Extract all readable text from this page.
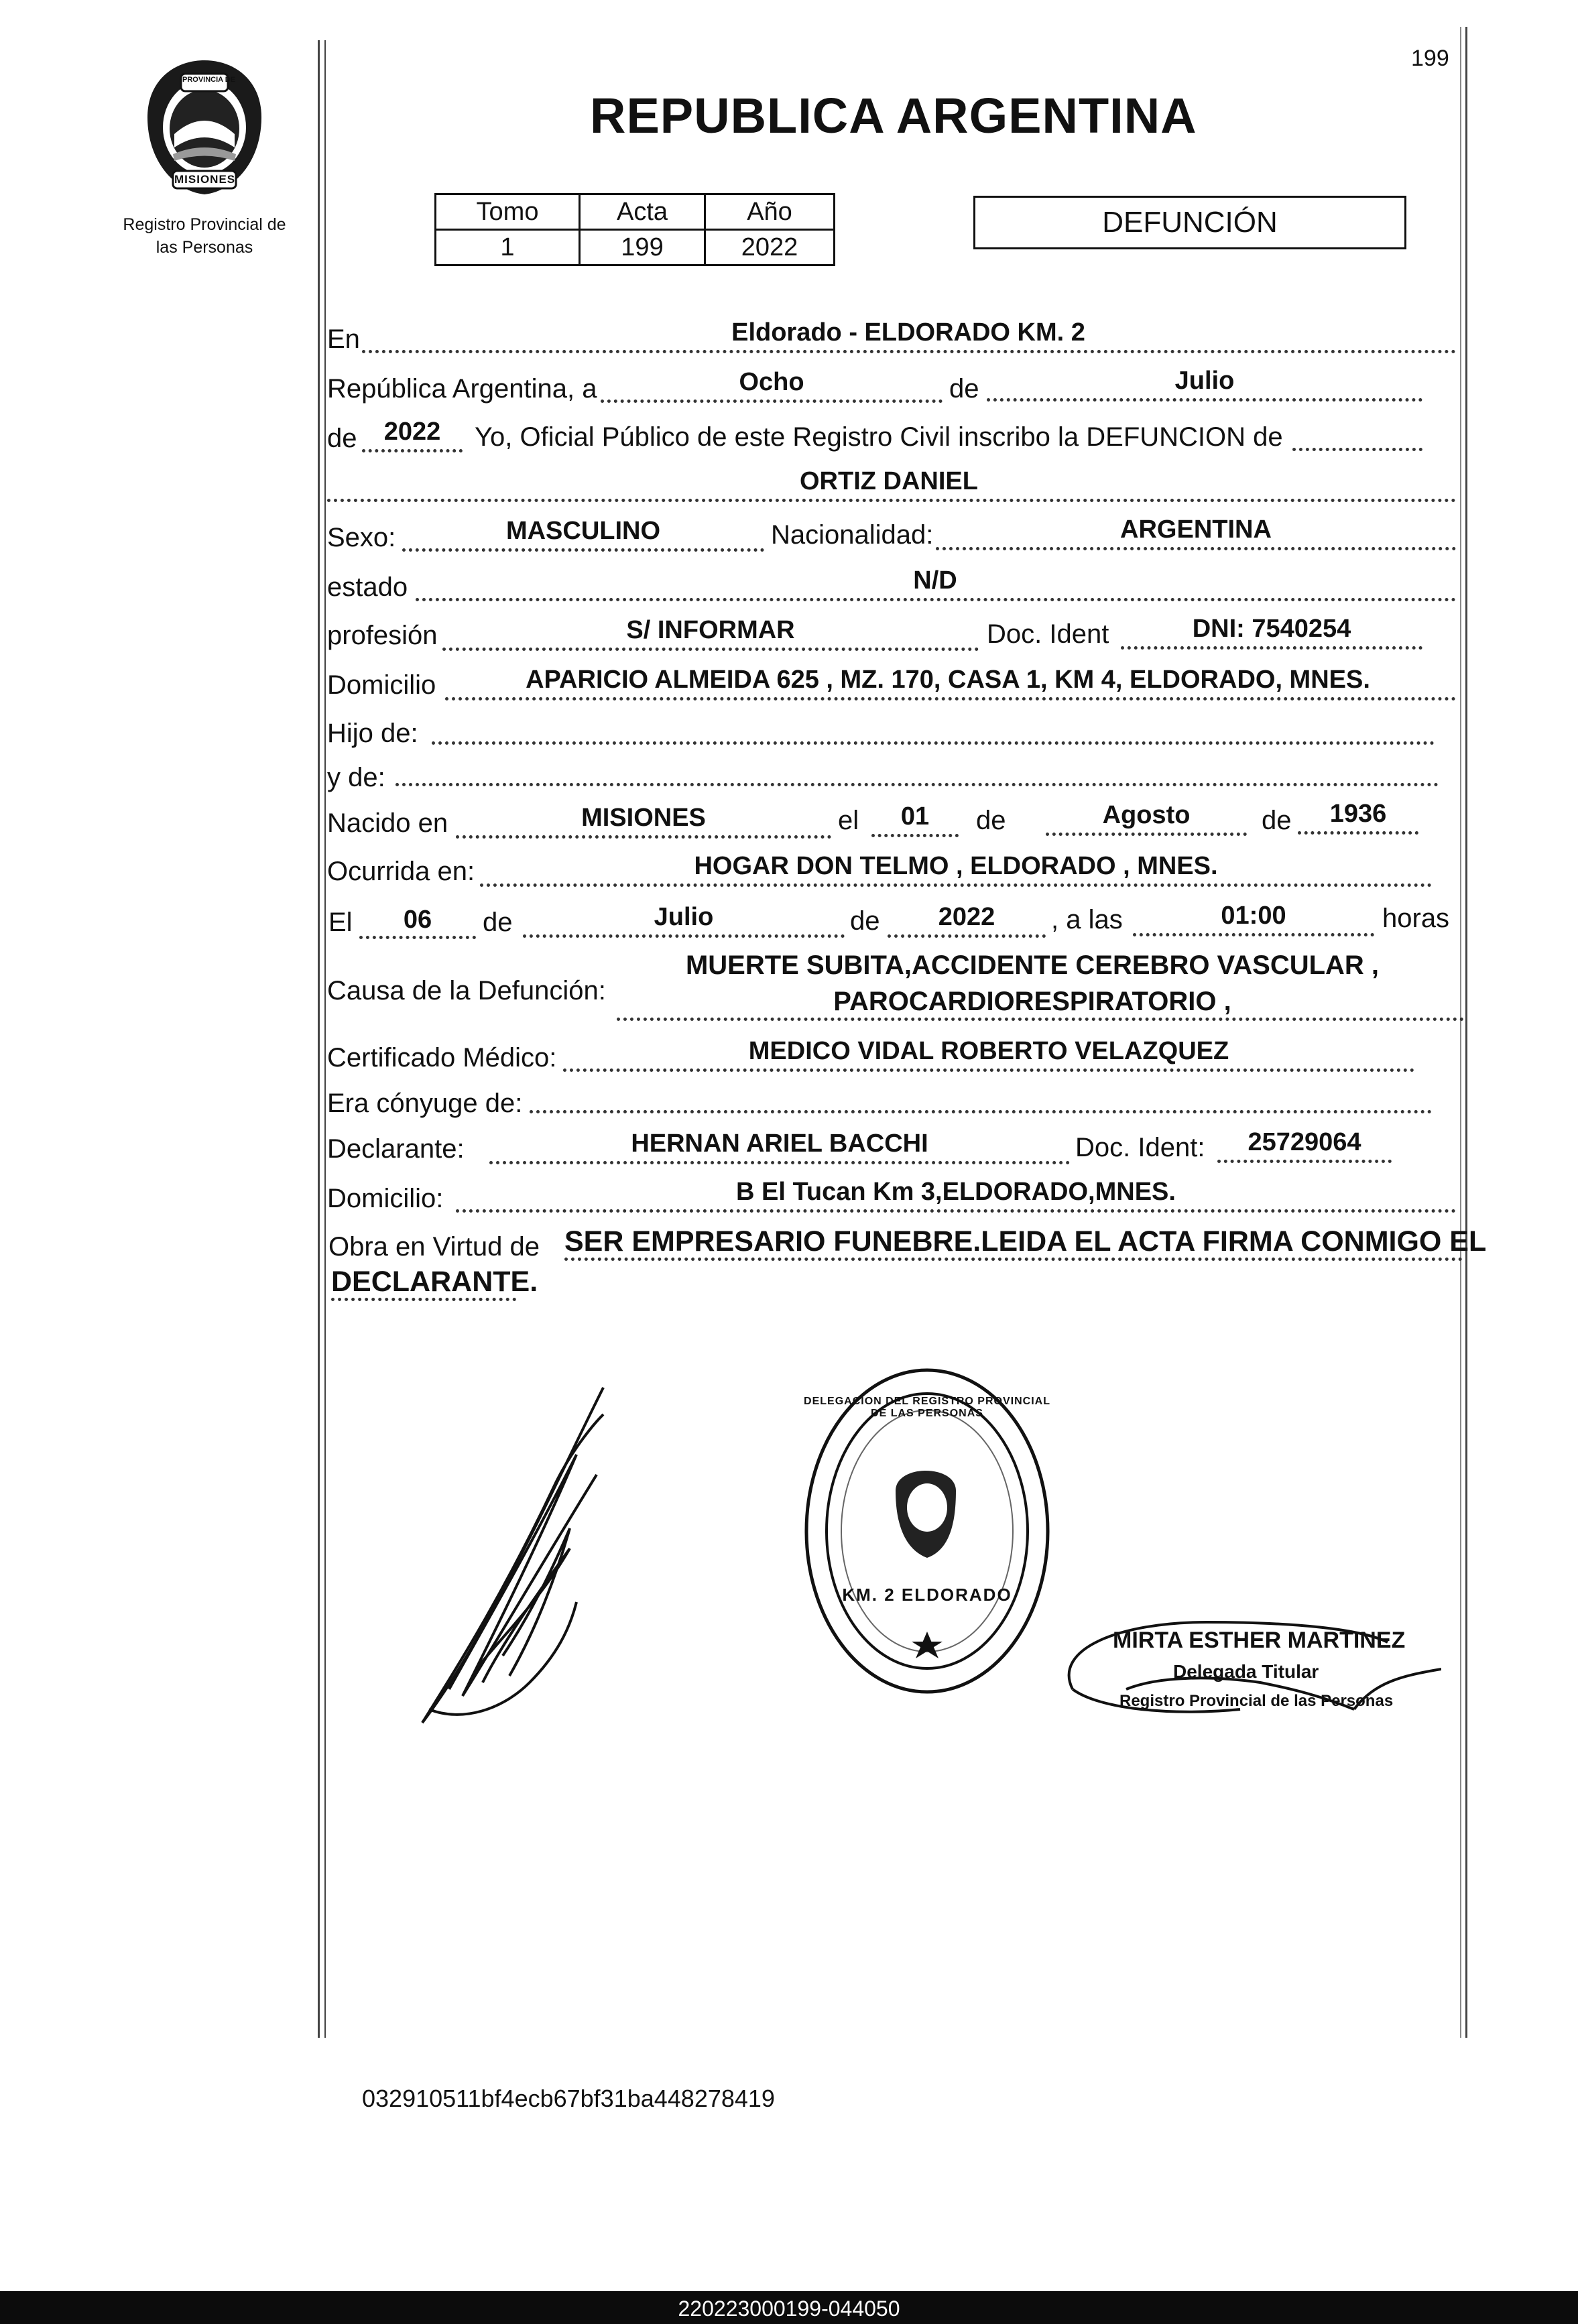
199
PROVINCIA DE
MISIONES
Registro Provincial de
las Personas
REPUBLICA ARGENTINA
Tomo	Acta	Año
1	199	2022
DEFUNCIÓN
En	Eldorado - ELDORADO KM. 2
República Argentina, a	Ocho	de	Julio
de	2022	Yo, Oficial Público de este Registro Civil inscribo la DEFUNCION de
ORTIZ DANIEL
Sexo:	MASCULINO	Nacionalidad:	ARGENTINA
estado	N/D
profesión	S/ INFORMAR	Doc. Ident	DNI: 7540254
Domicilio	APARICIO ALMEIDA 625 , MZ. 170, CASA 1, KM 4, ELDORADO, MNES.
Hijo de:
y de:
Nacido en	MISIONES	el	01	de	Agosto	de	1936
Ocurrida en:	HOGAR DON TELMO , ELDORADO , MNES.
El	06	de	Julio	de	2022	, a las	01:00	horas
Causa de la Defunción:
MUERTE SUBITA,ACCIDENTE CEREBRO VASCULAR ,
PAROCARDIORESPIRATORIO ,
Certificado Médico:	MEDICO VIDAL ROBERTO VELAZQUEZ
Era cónyuge de:
Declarante:	HERNAN ARIEL BACCHI	Doc. Ident:	25729064
Domicilio:	B El Tucan Km 3,ELDORADO,MNES.
Obra en Virtud de SER EMPRESARIO FUNEBRE.LEIDA EL ACTA FIRMA CONMIGO EL
DECLARANTE.
DELEGACION DEL REGISTRO PROVINCIAL DE LAS PERSONAS
KM. 2 ELDORADO
MIRTA ESTHER MARTINEZ
Delegada Titular
Registro Provincial de las Personas
032910511bf4ecb67bf31ba448278419
220223000199-044050
